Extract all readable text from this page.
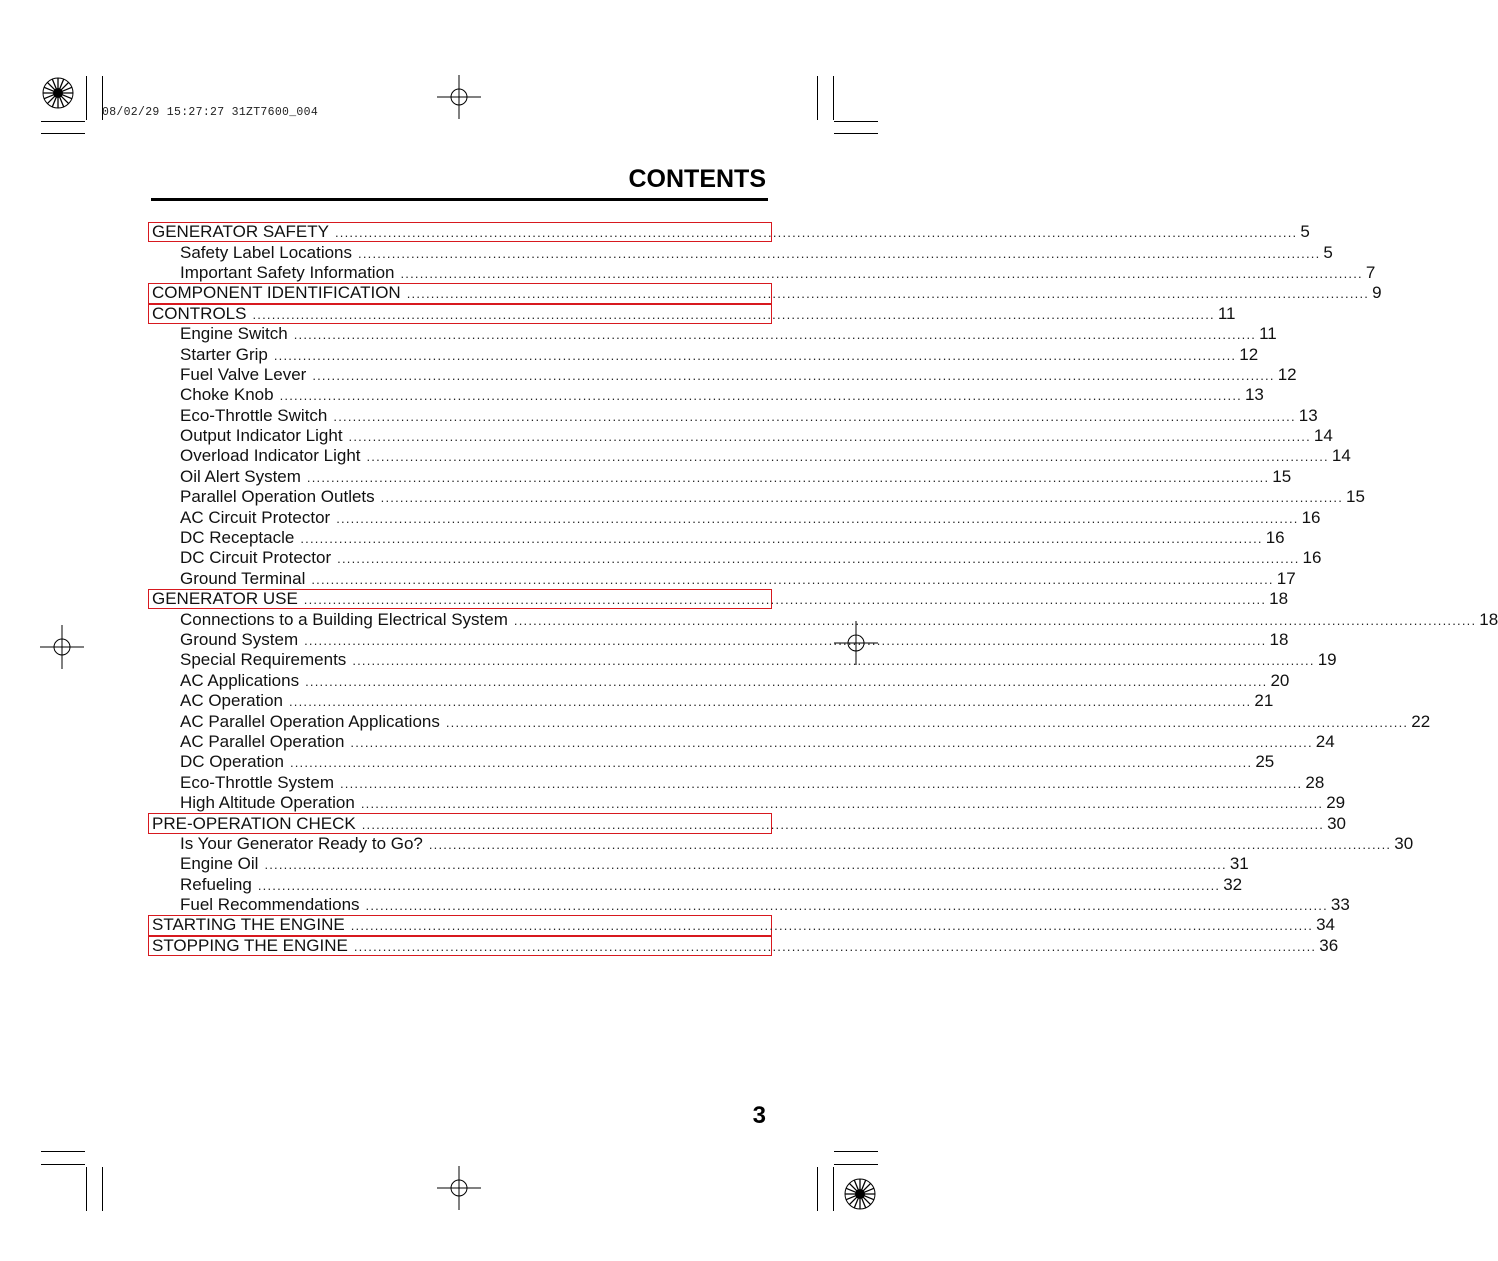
08/02/29 15:27:27 31ZT7600_004
CONTENTS
GENERATOR SAFETY ........................................................................................................................................................................................................ 5
Safety Label Locations ........................................................................................................................................................................................................ 5
Important Safety Information ........................................................................................................................................................................................................ 7
COMPONENT IDENTIFICATION ........................................................................................................................................................................................................ 9
CONTROLS ........................................................................................................................................................................................................ 11
Engine Switch ........................................................................................................................................................................................................ 11
Starter Grip ........................................................................................................................................................................................................ 12
Fuel Valve Lever ........................................................................................................................................................................................................ 12
Choke Knob ........................................................................................................................................................................................................ 13
Eco-Throttle Switch ........................................................................................................................................................................................................ 13
Output Indicator Light ........................................................................................................................................................................................................ 14
Overload Indicator Light ........................................................................................................................................................................................................ 14
Oil Alert System ........................................................................................................................................................................................................ 15
Parallel Operation Outlets ........................................................................................................................................................................................................ 15
AC Circuit Protector ........................................................................................................................................................................................................ 16
DC Receptacle ........................................................................................................................................................................................................ 16
DC Circuit Protector ........................................................................................................................................................................................................ 16
Ground Terminal ........................................................................................................................................................................................................ 17
GENERATOR USE ........................................................................................................................................................................................................ 18
Connections to a Building Electrical System ........................................................................................................................................................................................................ 18
Ground System ........................................................................................................................................................................................................ 18
Special Requirements ........................................................................................................................................................................................................ 19
AC Applications ........................................................................................................................................................................................................ 20
AC Operation ........................................................................................................................................................................................................ 21
AC Parallel Operation Applications ........................................................................................................................................................................................................ 22
AC Parallel Operation ........................................................................................................................................................................................................ 24
DC Operation ........................................................................................................................................................................................................ 25
Eco-Throttle System ........................................................................................................................................................................................................ 28
High Altitude Operation ........................................................................................................................................................................................................ 29
PRE-OPERATION CHECK ........................................................................................................................................................................................................ 30
Is Your Generator Ready to Go? ........................................................................................................................................................................................................ 30
Engine Oil ........................................................................................................................................................................................................ 31
Refueling ........................................................................................................................................................................................................ 32
Fuel Recommendations ........................................................................................................................................................................................................ 33
STARTING THE ENGINE ........................................................................................................................................................................................................ 34
STOPPING THE ENGINE ........................................................................................................................................................................................................ 36
3
